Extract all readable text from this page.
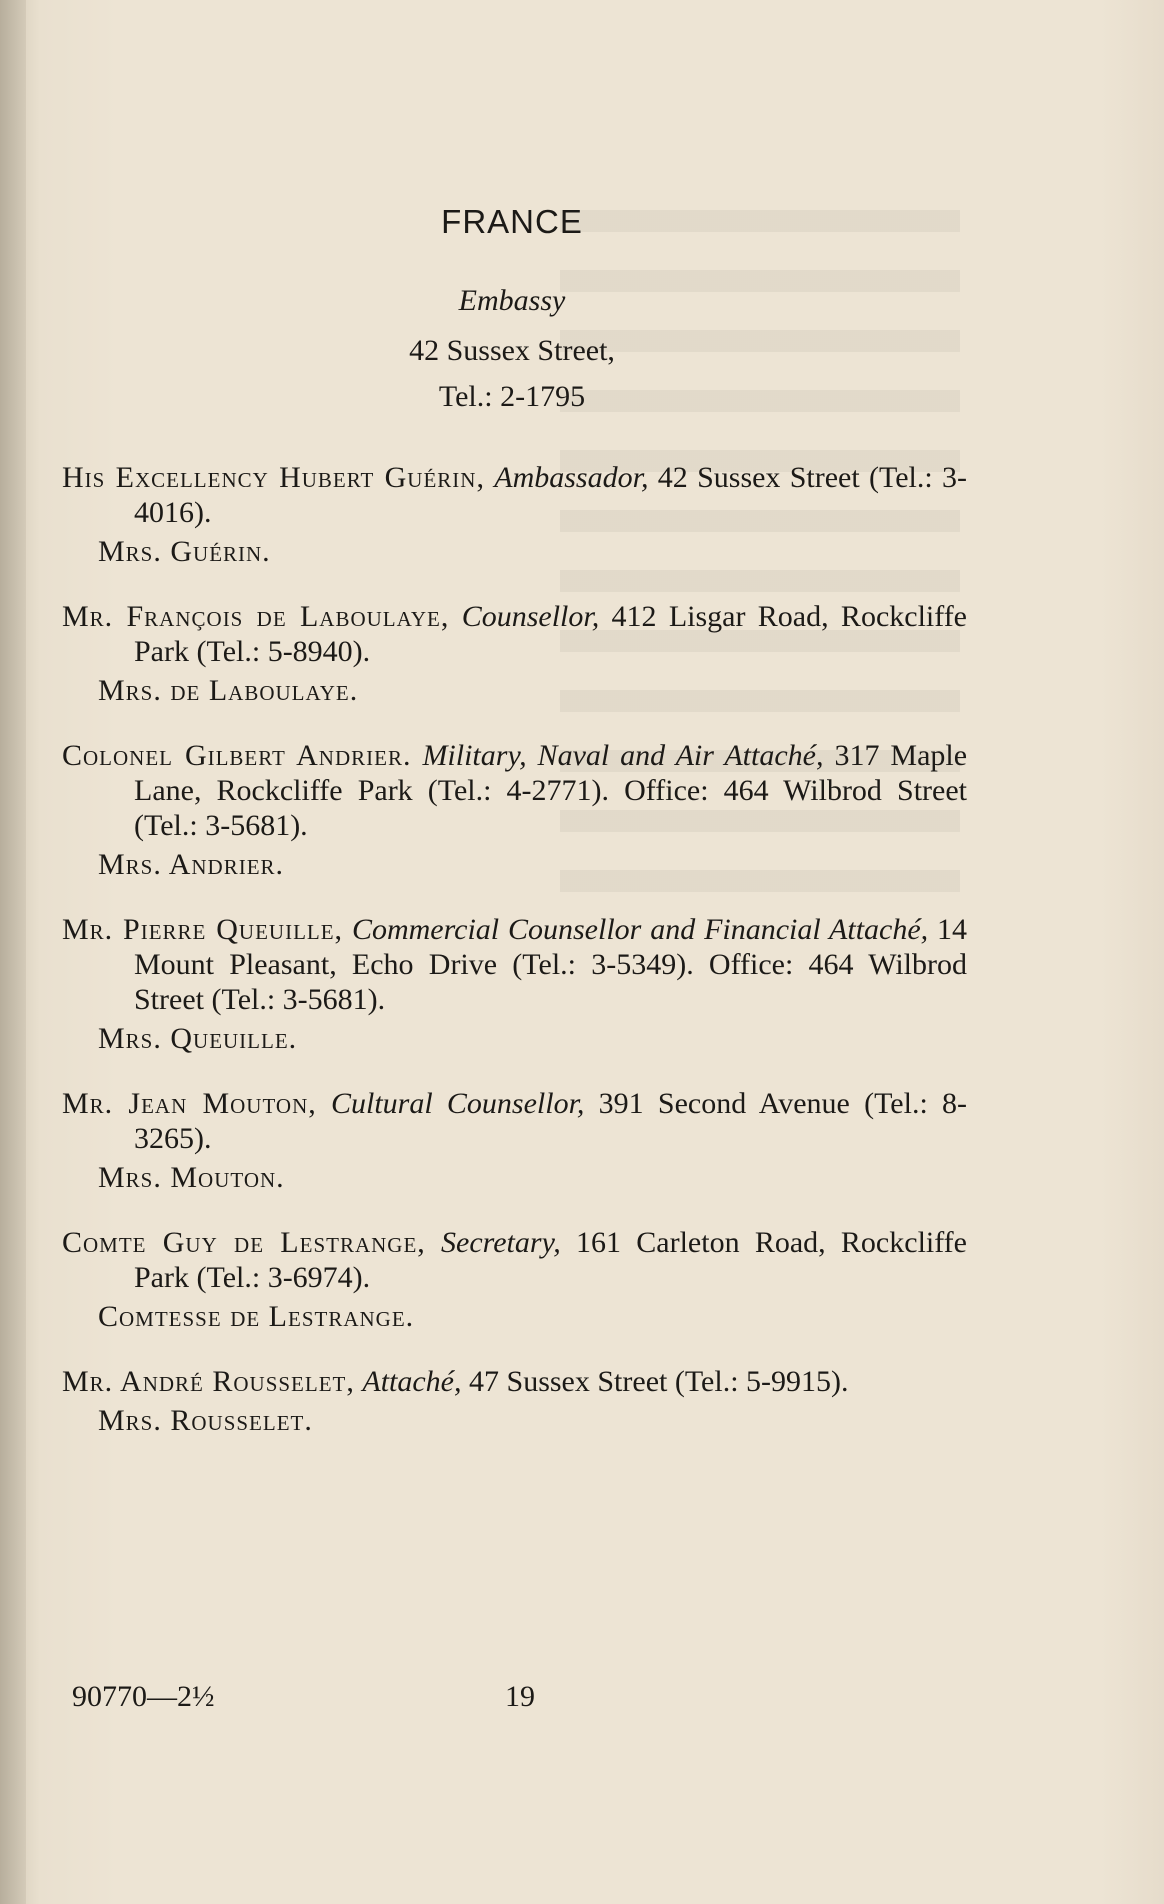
FRANCE
Embassy
42 Sussex Street,
Tel.: 2-1795

His Excellency Hubert Guérin, Ambassador, 42 Sussex Street (Tel.: 3-4016).

Mrs. Guérin.

Mr. François de Laboulaye, Counsellor, 412 Lisgar Road, Rockcliffe Park (Tel.: 5-8940).

Mrs. de Laboulaye.

Colonel Gilbert Andrier. Military, Naval and Air Attaché, 317 Maple Lane, Rockcliffe Park (Tel.: 4-2771). Office: 464 Wilbrod Street (Tel.: 3-5681).

Mrs. Andrier.

Mr. Pierre Queuille, Commercial Counsellor and Financial Attaché, 14 Mount Pleasant, Echo Drive (Tel.: 3-5349). Office: 464 Wilbrod Street (Tel.: 3-5681).

Mrs. Queuille.

Mr. Jean Mouton, Cultural Counsellor, 391 Second Avenue (Tel.: 8-3265).

Mrs. Mouton.

Comte Guy de Lestrange, Secretary, 161 Carleton Road, Rockcliffe Park (Tel.: 3-6974).

Comtesse de Lestrange.

Mr. André Rousselet, Attaché, 47 Sussex Street (Tel.: 5-9915).

Mrs. Rousselet.
90770—2½	19
